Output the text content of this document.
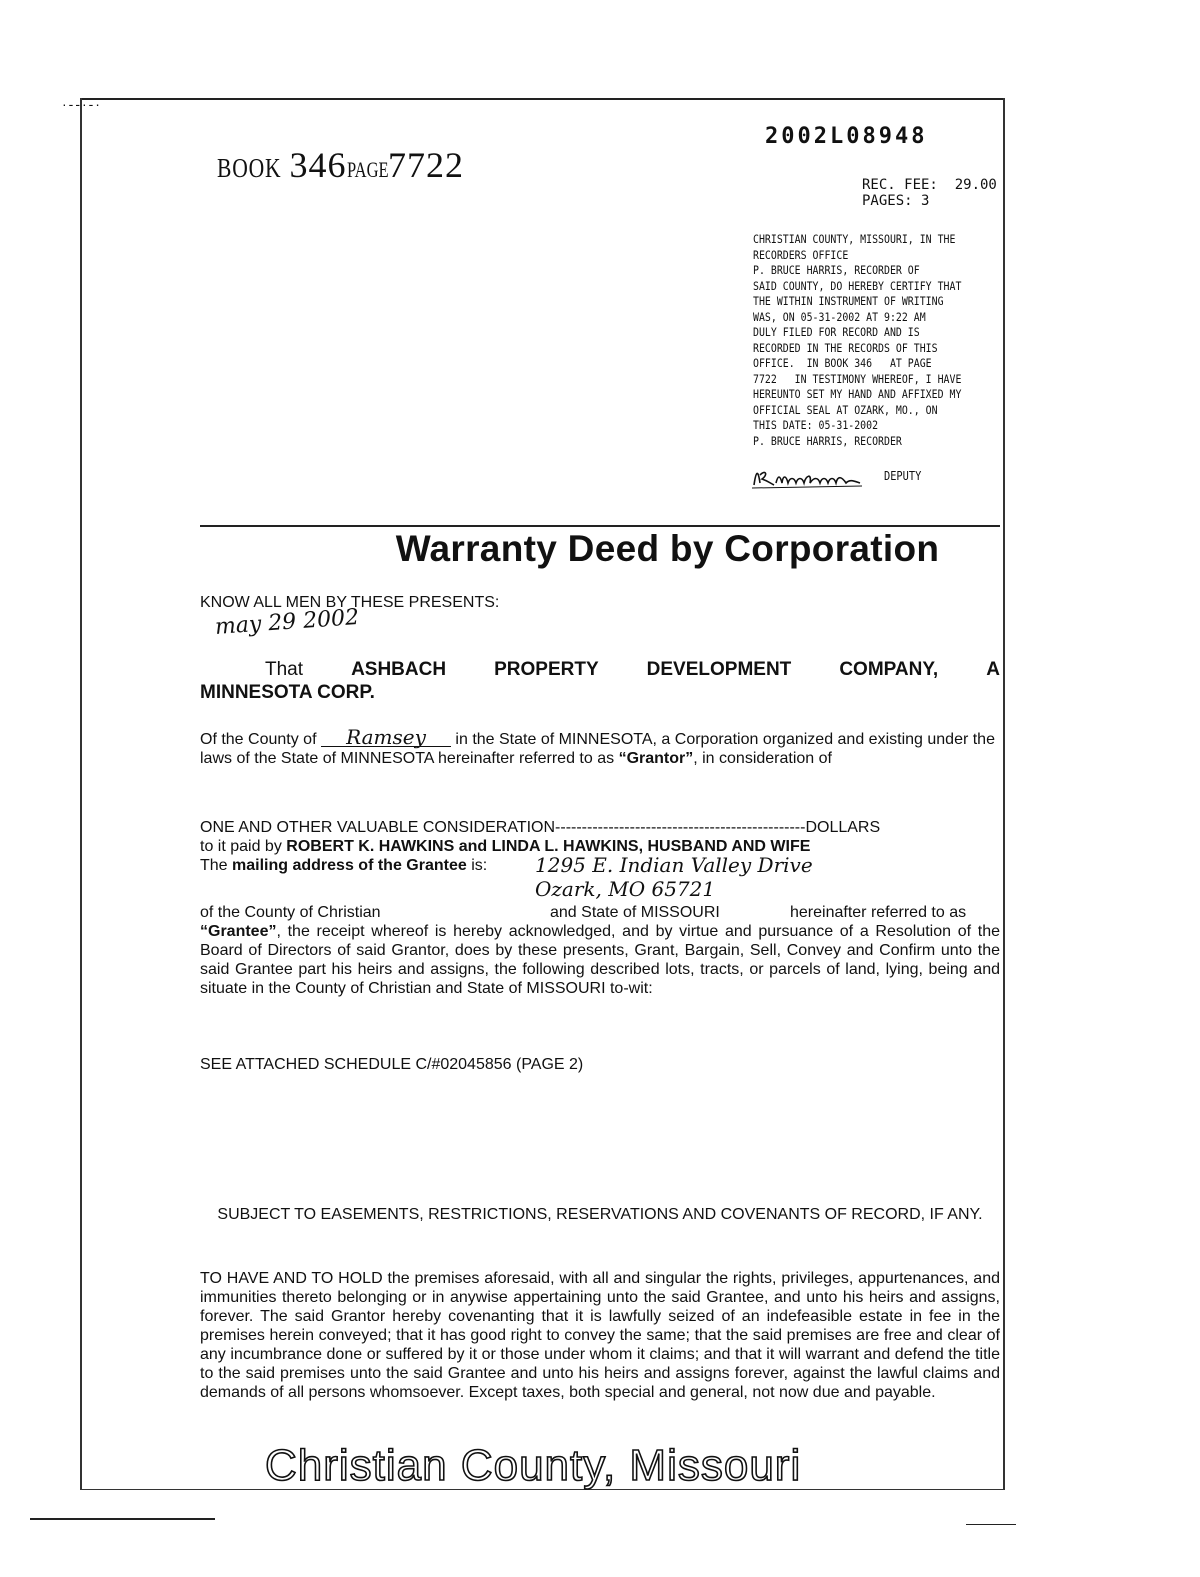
·--·-·
BOOK 346 PAGE 7722
2002L08948
REC. FEE:  29.00
PAGES: 3
CHRISTIAN COUNTY, MISSOURI, IN THE
RECORDERS OFFICE
P. BRUCE HARRIS, RECORDER OF
SAID COUNTY, DO HEREBY CERTIFY THAT
THE WITHIN INSTRUMENT OF WRITING
WAS, ON 05-31-2002 AT 9:22 AM
DULY FILED FOR RECORD AND IS
RECORDED IN THE RECORDS OF THIS
OFFICE.  IN BOOK 346   AT PAGE
7722   IN TESTIMONY WHEREOF, I HAVE
HEREUNTO SET MY HAND AND AFFIXED MY
OFFICIAL SEAL AT OZARK, MO., ON
THIS DATE: 05-31-2002
P. BRUCE HARRIS, RECORDER
DEPUTY
Warranty Deed by Corporation
KNOW ALL MEN BY THESE PRESENTS:
may 29 2002
That	ASHBACH	PROPERTY	DEVELOPMENT	COMPANY,	A
MINNESOTA CORP.
Of the County of Ramsey in the State of MINNESOTA, a Corporation organized and existing under the laws of the State of MINNESOTA hereinafter referred to as “Grantor”, in consideration of
ONE AND OTHER VALUABLE CONSIDERATION-----------------------------------------------DOLLARS
to it paid by ROBERT K. HAWKINS and LINDA L. HAWKINS, HUSBAND AND WIFE
The mailing address of the Grantee is:	1295 E. Indian Valley Drive
Ozark, MO 65721
of the County of Christian	and State of MISSOURI	hereinafter referred to as
“Grantee”, the receipt whereof is hereby acknowledged, and by virtue and pursuance of a Resolution of the Board of Directors of said Grantor, does by these presents, Grant, Bargain, Sell, Convey and Confirm unto the said Grantee part his heirs and assigns, the following described lots, tracts, or parcels of land, lying, being and situate in the County of Christian and State of MISSOURI to-wit:
SEE ATTACHED SCHEDULE C/#02045856 (PAGE 2)
SUBJECT TO EASEMENTS, RESTRICTIONS, RESERVATIONS AND COVENANTS OF RECORD, IF ANY.
TO HAVE AND TO HOLD the premises aforesaid, with all and singular the rights, privileges, appurtenances, and immunities thereto belonging or in anywise appertaining unto the said Grantee, and unto his heirs and assigns, forever. The said Grantor hereby covenanting that it is lawfully seized of an indefeasible estate in fee in the premises herein conveyed; that it has good right to convey the same; that the said premises are free and clear of any incumbrance done or suffered by it or those under whom it claims; and that it will warrant and defend the title to the said premises unto the said Grantee and unto his heirs and assigns forever, against the lawful claims and demands of all persons whomsoever. Except taxes, both special and general, not now due and payable.
Christian County, Missouri
